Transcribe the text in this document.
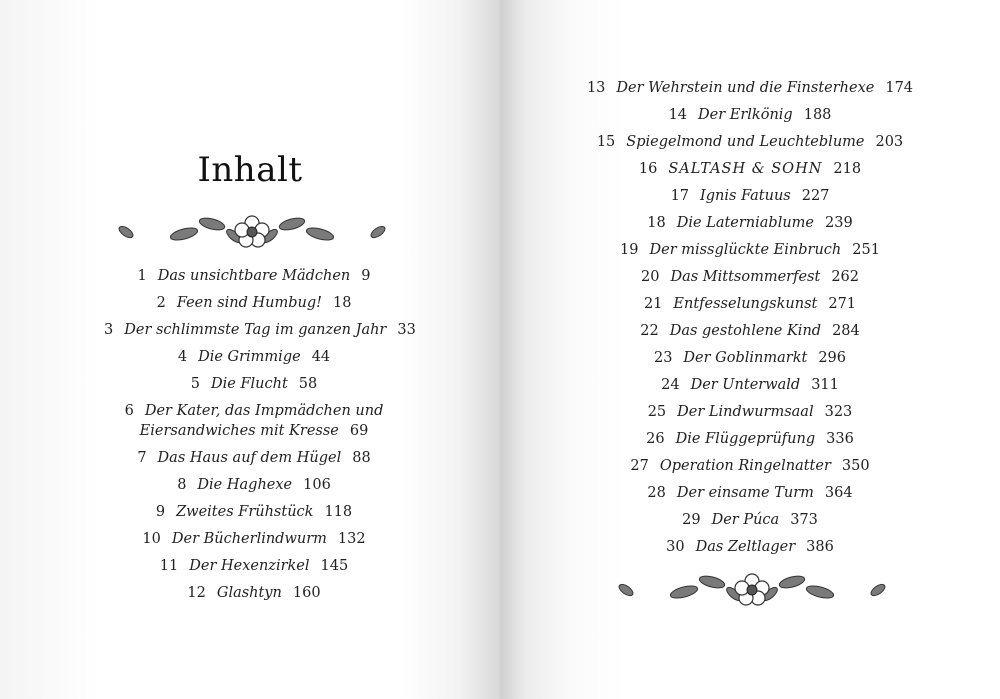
Inhalt
1 Das unsichtbare Mädchen 9
2 Feen sind Humbug! 18
3 Der schlimmste Tag im ganzen Jahr 33
4 Die Grimmige 44
5 Die Flucht 58
6 Der Kater, das Impmädchen und
Eiersandwiches mit Kresse 69
7 Das Haus auf dem Hügel 88
8 Die Haghexe 106
9 Zweites Frühstück 118
10 Der Bücherlindwurm 132
11 Der Hexenzirkel 145
12 Glashtyn 160
13 Der Wehrstein und die Finsterhexe 174
14 Der Erlkönig 188
15 Spiegelmond und Leuchteblume 203
16 SALTASH & SOHN 218
17 Ignis Fatuus 227
18 Die Laterniablume 239
19 Der missglückte Einbruch 251
20 Das Mittsommerfest 262
21 Entfesselungskunst 271
22 Das gestohlene Kind 284
23 Der Goblinmarkt 296
24 Der Unterwald 311
25 Der Lindwurmsaal 323
26 Die Flüggeprüfung 336
27 Operation Ringelnatter 350
28 Der einsame Turm 364
29 Der Púca 373
30 Das Zeltlager 386
